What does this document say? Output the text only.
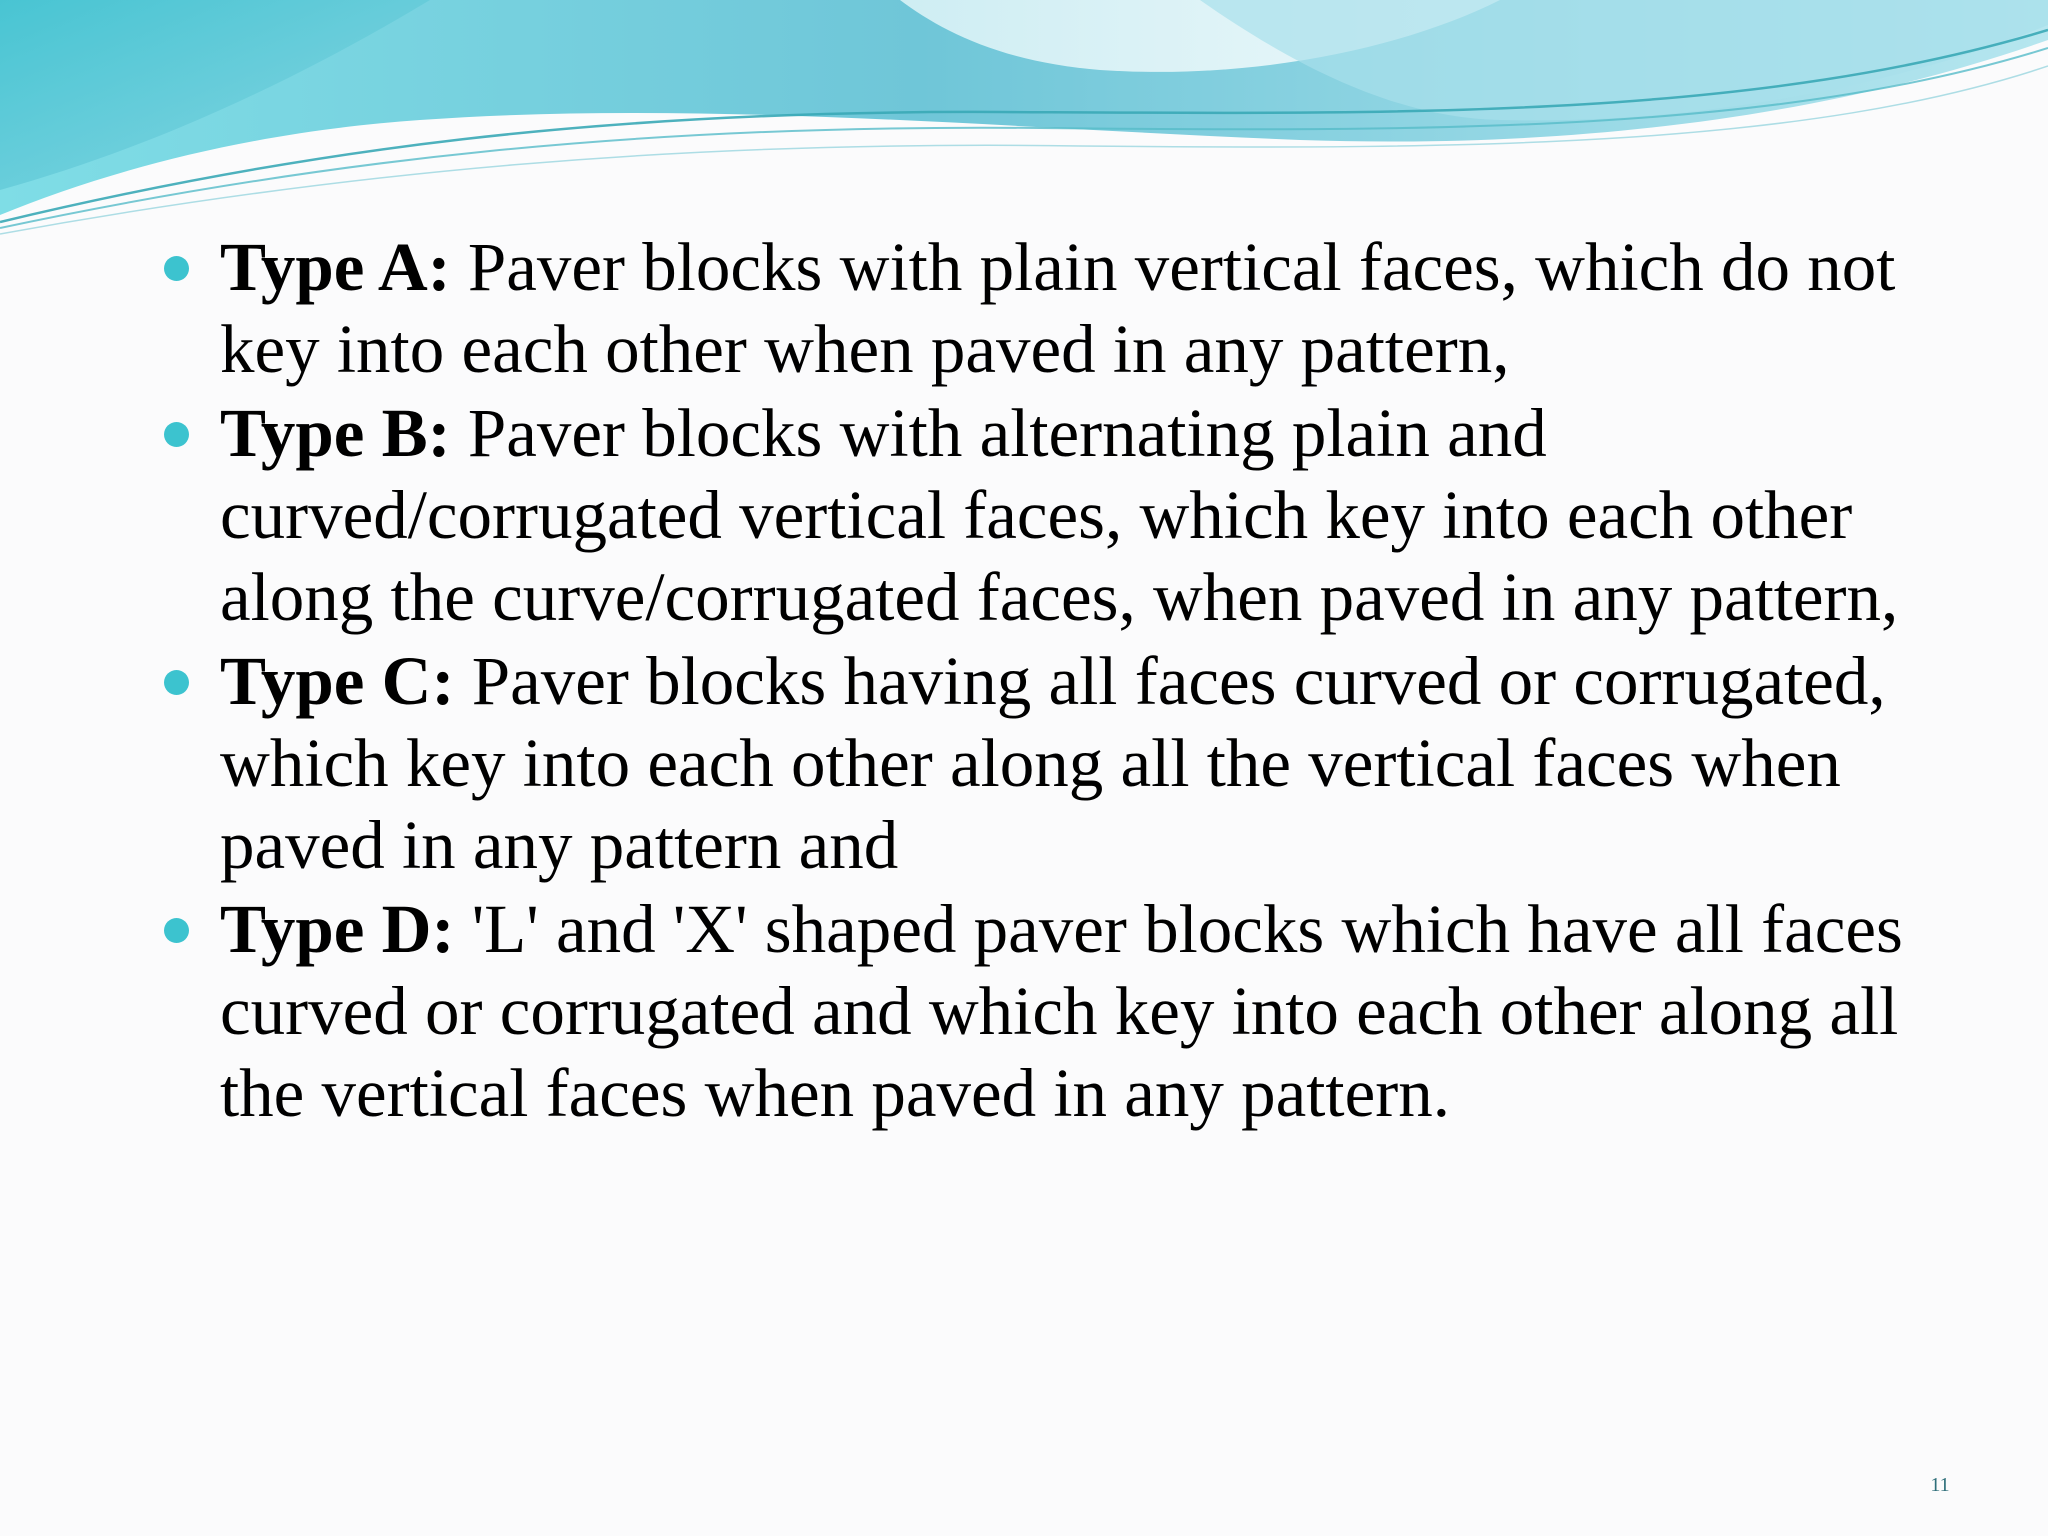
Type A: Paver blocks with plain vertical faces, which do not key into each other when paved in any pattern,
Type B: Paver blocks with alternating plain and curved/corrugated vertical faces, which key into each other along the curve/corrugated faces, when paved in any pattern,
Type C: Paver blocks having all faces curved or corrugated, which key into each other along all the vertical faces when paved in any pattern and
Type D: 'L' and 'X' shaped paver blocks which have all faces curved or corrugated and which key into each other along all the vertical faces when paved in any pattern.
11
